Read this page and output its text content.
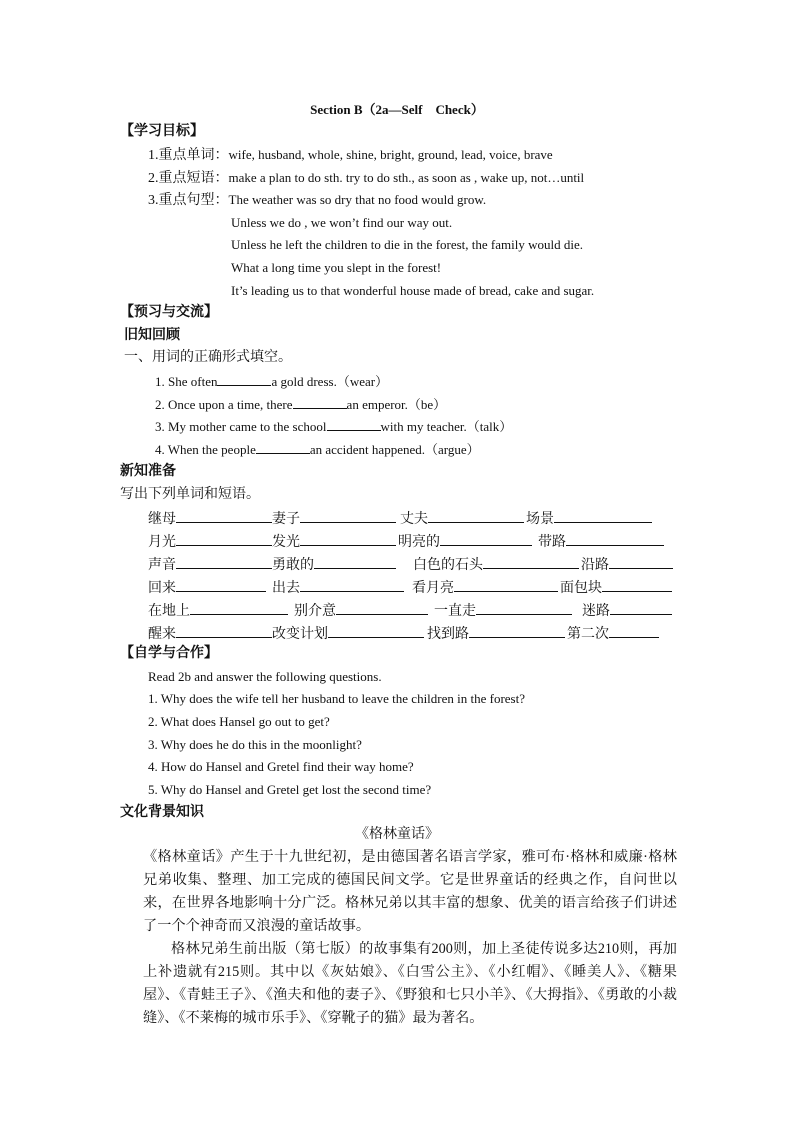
Section B（2a—Self　Check）
【学习目标】
1.重点单词：wife, husband, whole, shine, bright, ground, lead, voice, brave
2.重点短语：make a plan to do sth. try to do sth., as soon as , wake up, not…until
3.重点句型：The weather was so dry that no food would grow.
Unless we do , we won’t find our way out.
Unless he left the children to die in the forest, the family would die.
What a long time you slept in the forest!
It’s leading us to that wonderful house made of bread, cake and sugar.
【预习与交流】
旧知回顾
一、用词的正确形式填空。
1. She often	a gold dress.（wear）
2. Once upon a time, there	an emperor.（be）
3. My mother came to the school	with my teacher.（talk）
4. When the people	an accident happened.（argue）
新知准备
写出下列单词和短语。
继母	妻子	丈夫	场景
月光	发光	明亮的	带路
声音	勇敢的	白色的石头	沿路
回来	出去	看月亮	面包块
在地上	别介意	一直走	迷路
醒来	改变计划	找到路	第二次
【自学与合作】
Read 2b and answer the following questions.
1. Why does the wife tell her husband to leave the children in the forest?
2. What does Hansel go out to get?
3. Why does he do this in the moonlight?
4. How do Hansel and Gretel find their way home?
5. Why do Hansel and Gretel get lost the second time?
文化背景知识
《格林童话》
《格林童话》产生于十九世纪初，是由德国著名语言学家，雅可布·格林和威廉·格林兄弟收集、整理、加工完成的德国民间文学。它是世界童话的经典之作，自问世以来，在世界各地影响十分广泛。格林兄弟以其丰富的想象、优美的语言给孩子们讲述了一个个神奇而又浪漫的童话故事。
格林兄弟生前出版（第七版）的故事集有200则，加上圣徒传说多达210则，再加上补遗就有215则。其中以《灰姑娘》、《白雪公主》、《小红帽》、《睡美人》、《糖果屋》、《青蛙王子》、《渔夫和他的妻子》、《野狼和七只小羊》、《大拇指》、《勇敢的小裁缝》、《不莱梅的城市乐手》、《穿靴子的猫》最为著名。
